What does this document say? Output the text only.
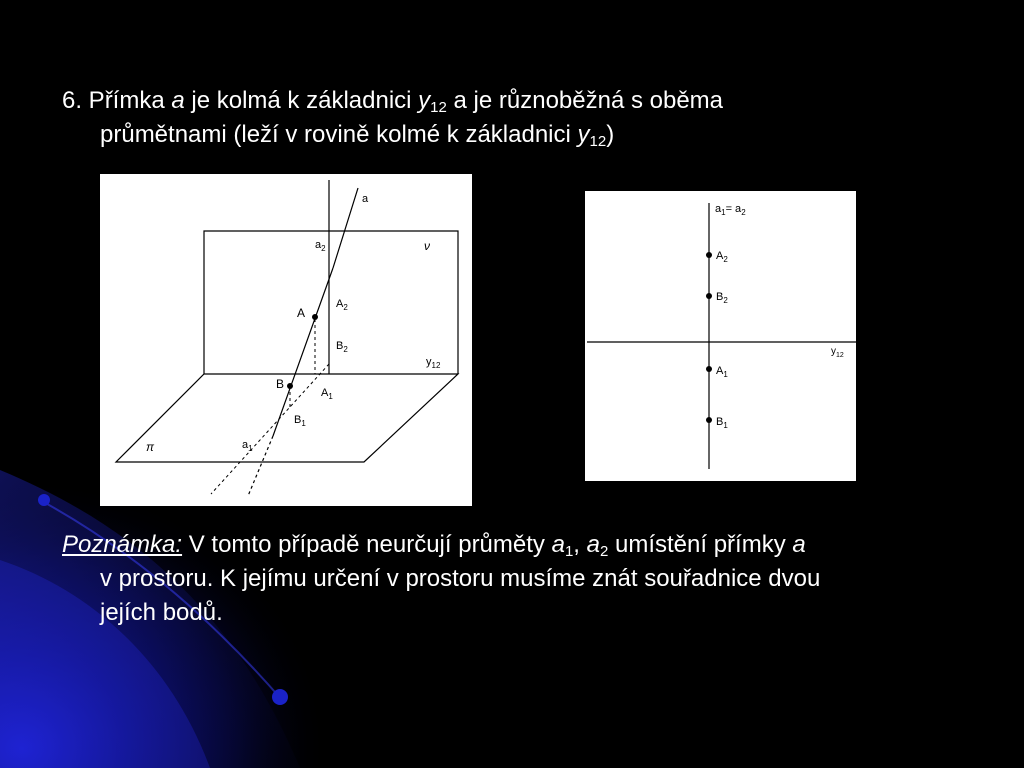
6. Přímka a je kolmá k základnici $y_{12}$ a je různoběžná s oběma
průmětnami (leží v rovině kolmé k základnici $y_{12}$)
a
$a_2$	ν
A
$A_2$
$B_2$
$y_{12}$
B
$A_1$
$B_1$
π	$a_1$
$a_1= a_2$
$A_2$
$B_2$
$y_{12}$
$A_1$
$B_1$
Poznámka: V tomto případě neurčují průměty $a_1$, $a_2$ umístění přímky a
v prostoru. K jejímu určení v prostoru musíme znát souřadnice dvou
jejích bodů.
